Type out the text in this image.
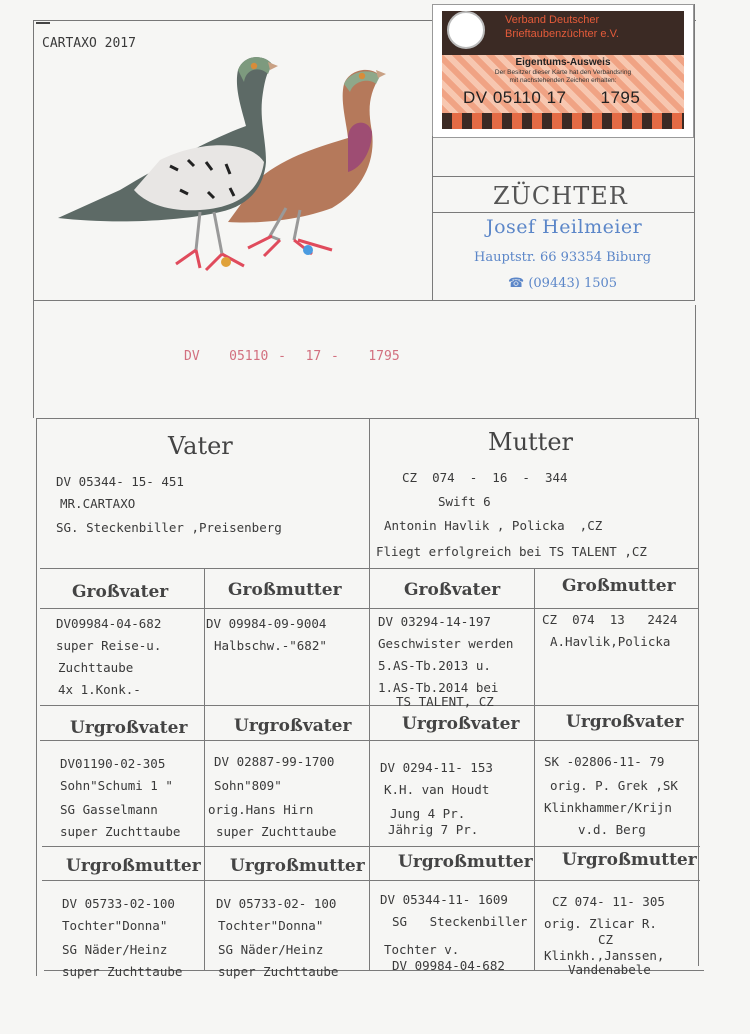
CARTAXO 2017
Verband Deutscher
Brieftaubenzüchter e.V.
Eigentums-Ausweis
Der Besitzer dieser Karte hat den Verbandsring
mit nachstehenden Zeichen erhalten:
DV 05110 17 1795
ZÜCHTER
Josef Heilmeier
Hauptstr. 66 93354 Biburg
☎ (09443) 1505
DV   05110 -  17 -   1795
Vater
DV 05344- 15- 451
MR.CARTAXO
SG. Steckenbiller ,Preisenberg
Mutter
CZ  074  -  16  -  344
Swift 6
Antonin Havlik , Policka  ,CZ
Fliegt erfolgreich bei TS TALENT ,CZ
Großvater
DV09984-04-682
super Reise-u.
Zuchttaube
4x 1.Konk.-
Großmutter
DV 09984-09-9004
Halbschw.-"682"
Großvater
DV 03294-14-197
Geschwister werden
5.AS-Tb.2013 u.
1.AS-Tb.2014 bei
TS TALENT, CZ
Großmutter
CZ  074  13   2424
A.Havlik,Policka
Urgroßvater
DV01190-02-305
Sohn"Schumi 1 "
SG Gasselmann
super Zuchttaube
Urgroßvater
DV 02887-99-1700
Sohn"809"
orig.Hans Hirn
super Zuchttaube
Urgroßvater
DV 0294-11- 153
K.H. van Houdt
Jung 4 Pr.
Jährig 7 Pr.
Urgroßvater
SK -02806-11- 79
orig. P. Grek ,SK
Klinkhammer/Krijn
v.d. Berg
Urgroßmutter
DV 05733-02-100
Tochter"Donna"
SG Näder/Heinz
super Zuchttaube
Urgroßmutter
DV 05733-02- 100
Tochter"Donna"
SG Näder/Heinz
super Zuchttaube
Urgroßmutter
DV 05344-11- 1609
SG   Steckenbiller
Tochter v.
DV 09984-04-682
Urgroßmutter
CZ 074- 11- 305
orig. Zlicar R.
CZ
Klinkh.,Janssen,
Vandenabele
